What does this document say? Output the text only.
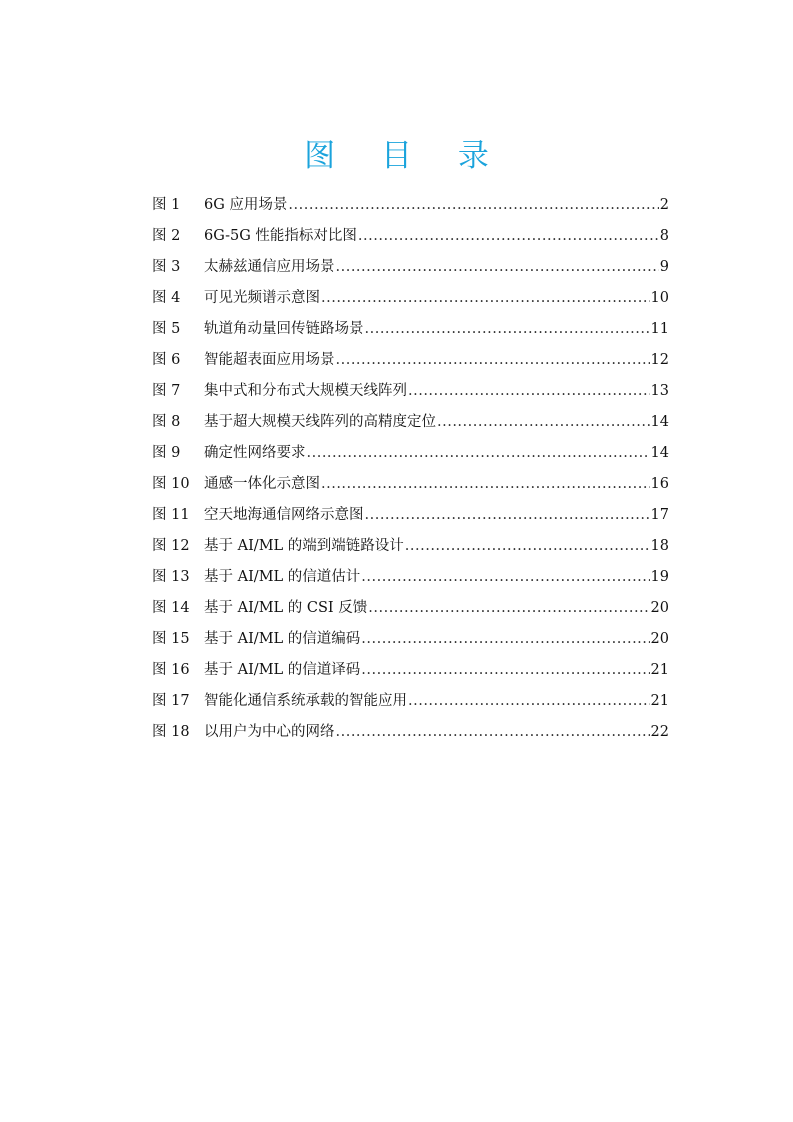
图 目 录
图 1	6G 应用场景 .....	2
图 2	6G-5G 性能指标对比图 .....	8
图 3	太赫兹通信应用场景 .....	9
图 4	可见光频谱示意图 .....	10
图 5	轨道角动量回传链路场景 .....	11
图 6	智能超表面应用场景 .....	12
图 7	集中式和分布式大规模天线阵列 .....	13
图 8	基于超大规模天线阵列的高精度定位 .....	14
图 9	确定性网络要求 .....	14
图 10 通感一体化示意图 .....	16
图 11 空天地海通信网络示意图 .....	17
图 12 基于 AI/ML 的端到端链路设计 .....	18
图 13 基于 AI/ML 的信道估计 .....	19
图 14 基于 AI/ML 的 CSI 反馈 .....	20
图 15 基于 AI/ML 的信道编码 .....	20
图 16 基于 AI/ML 的信道译码 .....	21
图 17 智能化通信系统承载的智能应用 .....	21
图 18 以用户为中心的网络 .....	22
